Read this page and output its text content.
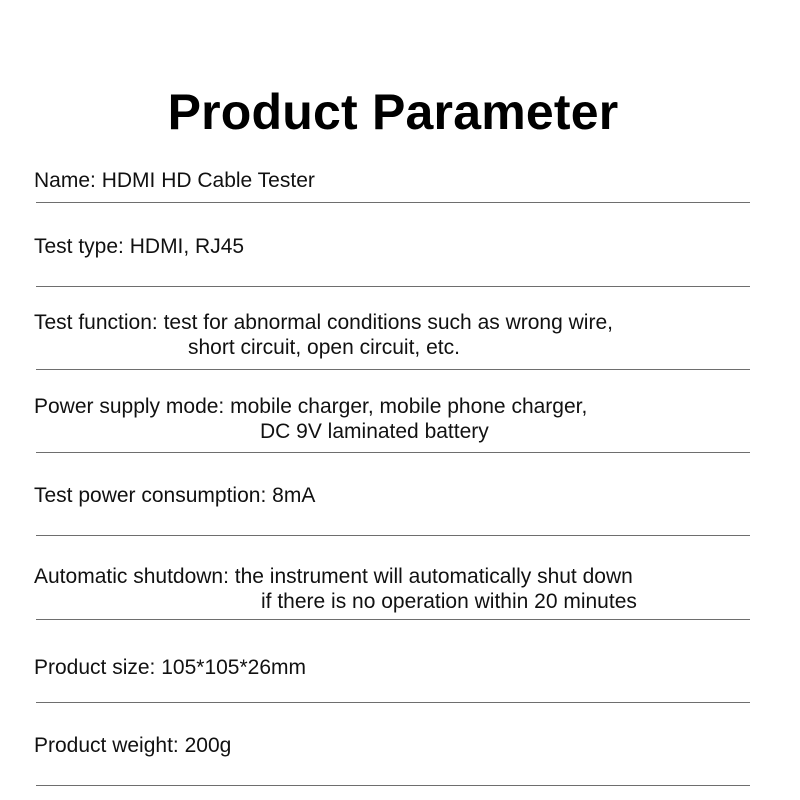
Product Parameter
Name: HDMI HD Cable Tester
Test type: HDMI, RJ45
Test function: test for abnormal conditions such as wrong wire,
short circuit, open circuit, etc.
Power supply mode: mobile charger, mobile phone charger,
DC 9V laminated battery
Test power consumption: 8mA
Automatic shutdown: the instrument will automatically shut down
if there is no operation within 20 minutes
Product size: 105*105*26mm
Product weight: 200g
